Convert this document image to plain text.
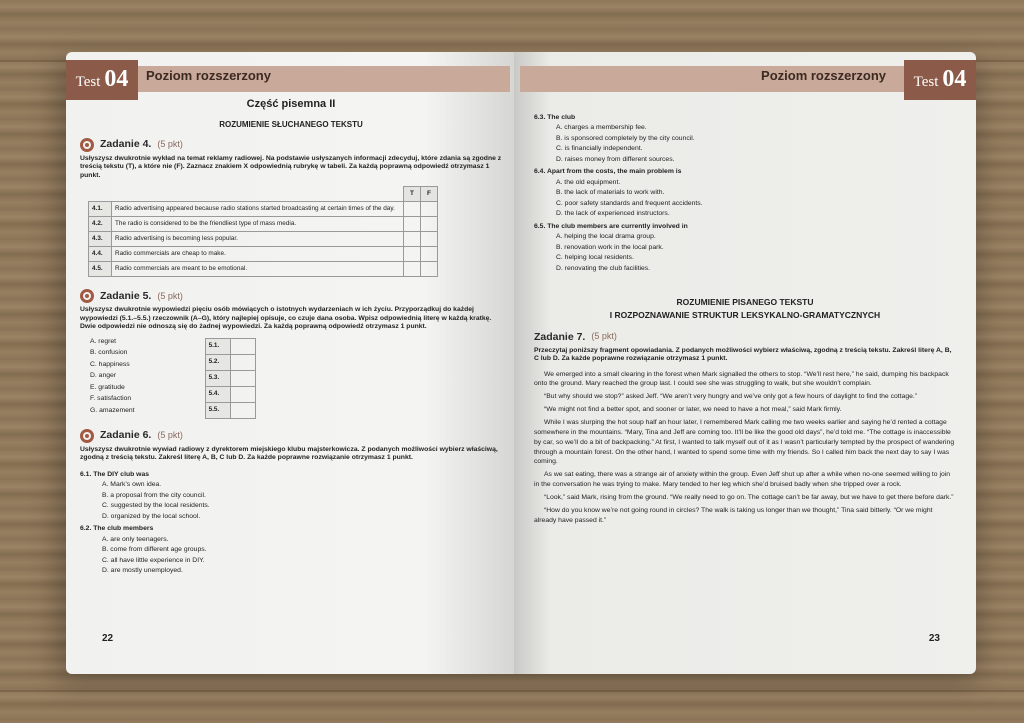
Test 04	Poziom rozszerzony
Część pisemna II
ROZUMIENIE SŁUCHANEGO TEKSTU
Zadanie 4. (5 pkt)
Usłyszysz dwukrotnie wykład na temat reklamy radiowej. Na podstawie usłyszanych informacji zdecyduj, które zdania są zgodne z treścią tekstu (T), a które nie (F). Zaznacz znakiem X odpowiednią rubrykę w tabeli. Za każdą poprawną odpowiedź otrzymasz 1 punkt.
		T	F
4.1.	Radio advertising appeared because radio stations started broadcasting at certain times of the day.		
4.2.	The radio is considered to be the friendliest type of mass media.		
4.3.	Radio advertising is becoming less popular.		
4.4.	Radio commercials are cheap to make.		
4.5.	Radio commercials are meant to be emotional.		
Zadanie 5. (5 pkt)
Usłyszysz dwukrotnie wypowiedzi pięciu osób mówiących o istotnych wydarzeniach w ich życiu. Przyporządkuj do każdej wypowiedzi (5.1.–5.5.) rzeczownik (A–G), który najlepiej opisuje, co czuje dana osoba. Wpisz odpowiednią literę w każdą kratkę. Dwie odpowiedzi nie odnoszą się do żadnej wypowiedzi. Za każdą poprawną odpowiedź otrzymasz 1 punkt.
A. regret
B. confusion
C. happiness
D. anger
E. gratitude
F. satisfaction
G. amazement
5.1.	
5.2.	
5.3.	
5.4.	
5.5.	
Zadanie 6. (5 pkt)
Usłyszysz dwukrotnie wywiad radiowy z dyrektorem miejskiego klubu majsterkowicza. Z podanych możliwości wybierz właściwą, zgodną z treścią tekstu. Zakreśl literę A, B, C lub D. Za każde poprawne rozwiązanie otrzymasz 1 punkt.
6.1. The DIY club was
A. Mark’s own idea.
B. a proposal from the city council.
C. suggested by the local residents.
D. organized by the local school.
6.2. The club members
A. are only teenagers.
B. come from different age groups.
C. all have little experience in DIY.
D. are mostly unemployed.
22
Test 04
Poziom rozszerzony
6.3. The club
A. charges a membership fee.
B. is sponsored completely by the city council.
C. is financially independent.
D. raises money from different sources.
6.4. Apart from the costs, the main problem is
A. the old equipment.
B. the lack of materials to work with.
C. poor safety standards and frequent accidents.
D. the lack of experienced instructors.
6.5. The club members are currently involved in
A. helping the local drama group.
B. renovation work in the local park.
C. helping local residents.
D. renovating the club facilities.
ROZUMIENIE PISANEGO TEKSTU
I ROZPOZNAWANIE STRUKTUR LEKSYKALNO-GRAMATYCZNYCH
Zadanie 7. (5 pkt)
Przeczytaj poniższy fragment opowiadania. Z podanych możliwości wybierz właściwą, zgodną z treścią tekstu. Zakreśl literę A, B, C lub D. Za każde poprawne rozwiązanie otrzymasz 1 punkt.

We emerged into a small clearing in the forest when Mark signalled the others to stop. “We’ll rest here,” he said, dumping his backpack onto the ground. Mary reached the group last. I could see she was struggling to walk, but she wouldn’t complain.

“But why should we stop?” asked Jeff. “We aren’t very hungry and we’ve only got a few hours of daylight to find the cottage.”

“We might not find a better spot, and sooner or later, we need to have a hot meal,” said Mark firmly.

While I was slurping the hot soup half an hour later, I remembered Mark calling me two weeks earlier and saying he’d rented a cottage somewhere in the mountains. “Mary, Tina and Jeff are coming too. It’ll be like the good old days”, he’d told me. “The cottage is inaccessible by car, so we’ll do a bit of backpacking.” At first, I wanted to talk myself out of it as I wasn’t particularly tempted by the prospect of wandering through a mountain forest. On the other hand, I wanted to spend some time with my friends. So I called him back the next day to say I was coming.

As we sat eating, there was a strange air of anxiety within the group. Even Jeff shut up after a while when no-one seemed willing to join in the conversation he was trying to make. Mary tended to her leg which she’d bruised badly when she tripped over a rock.

“Look,” said Mark, rising from the ground. “We really need to go on. The cottage can’t be far away, but we have to get there before dark.”

“How do you know we’re not going round in circles? The walk is taking us longer than we thought,” Tina said bitterly. “Or we might already have passed it.”

23
